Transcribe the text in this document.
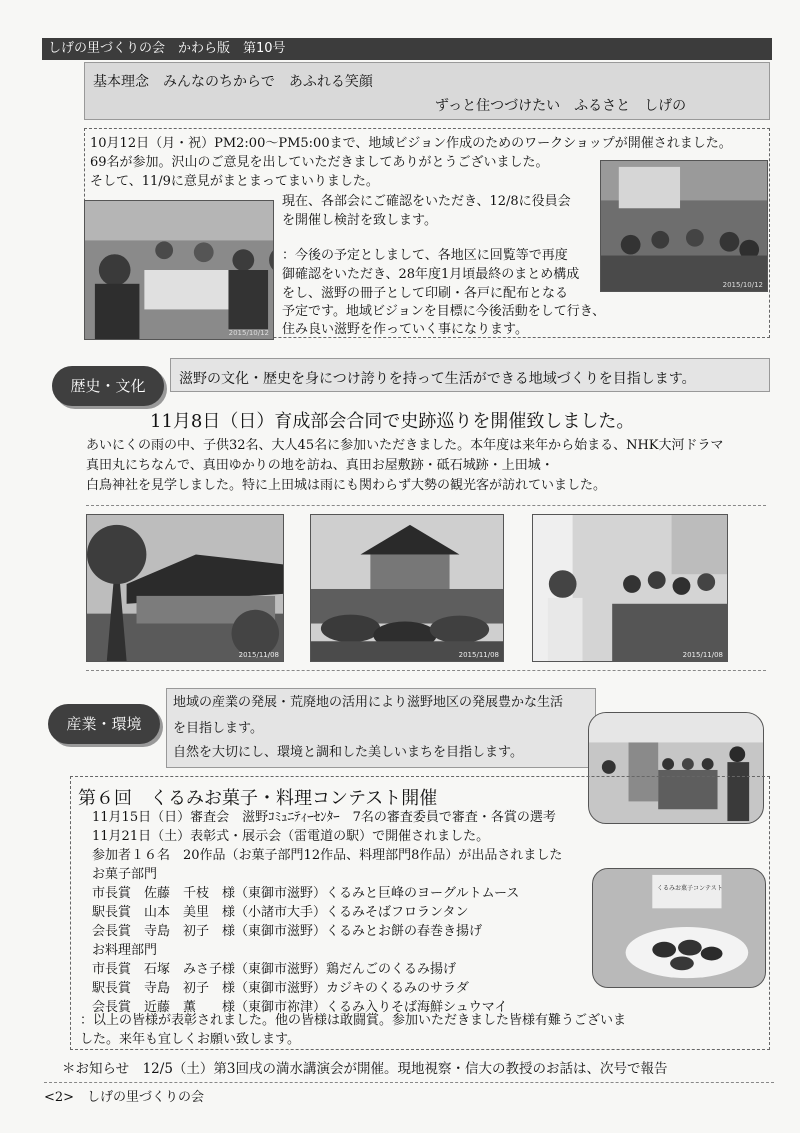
しげの里づくりの会　かわら版　第10号
基本理念　みんなのちからで　あふれる笑顔
ずっと住つづけたい　ふるさと　しげの
10月12日（月・祝）PM2:00〜PM5:00まで、地域ビジョン作成のためのワークショップが開催されました。
69名が参加。沢山のご意見を出していただきましてありがとうございました。
そして、11/9に意見がまとまってまいりました。
2015/10/12
現在、各部会にご確認をいただき、12/8に役員会
を開催し検討を致します。
：今後の予定としまして、各地区に回覧等で再度
御確認をいただき、28年度1月頃最終のまとめ構成
をし、滋野の冊子として印刷・各戸に配布となる
予定です。地域ビジョンを目標に今後活動をして行き、
住み良い滋野を作っていく事になります。
2015/10/12
滋野の文化・歴史を身につけ誇りを持って生活ができる地域づくりを目指します。
歴史・文化
11月8日（日）育成部会合同で史跡巡りを開催致しました。
あいにくの雨の中、子供32名、大人45名に参加いただきました。本年度は来年から始まる、NHK大河ドラマ
真田丸にちなんで、真田ゆかりの地を訪ね、真田お屋敷跡・砥石城跡・上田城・
白鳥神社を見学しました。特に上田城は雨にも関わらず大勢の観光客が訪れていました。
2015/11/08	2015/11/08	2015/11/08
地域の産業の発展・荒廃地の活用により滋野地区の発展豊かな生活
を目指します。
自然を大切にし、環境と調和した美しいまちを目指します。
産業・環境
第６回　くるみお菓子・料理コンテスト開催
11月15日（日）審査会　滋野ｺﾐｭﾆﾃｨｰｾﾝﾀｰ　7名の審査委員で審査・各賞の選考
11月21日（土）表彰式・展示会（雷電道の駅）で開催されました。
参加者１６名　20作品（お菓子部門12作品、料理部門8作品）が出品されました
お菓子部門
市長賞　佐藤　千枝　様（東御市滋野）くるみと巨峰のヨーグルトムース
駅長賞　山本　美里　様（小諸市大手）くるみそばフロランタン
会長賞　寺島　初子　様（東御市滋野）くるみとお餅の春巻き揚げ
お料理部門
市長賞　石塚　みさ子様（東御市滋野）鶏だんごのくるみ揚げ
駅長賞　寺島　初子　様（東御市滋野）カジキのくるみのサラダ
会長賞　近藤　薫　　様（東御市祢津）くるみ入りそば海鮮シュウマイ
：以上の皆様が表彰されました。他の皆様は敢闘賞。参加いただきました皆様有難うございま
した。来年も宜しくお願い致します。
くるみお菓子コンテスト
＊お知らせ　12/5（土）第3回戌の満水講演会が開催。現地視察・信大の教授のお話は、次号で報告
<2>　しげの里づくりの会
